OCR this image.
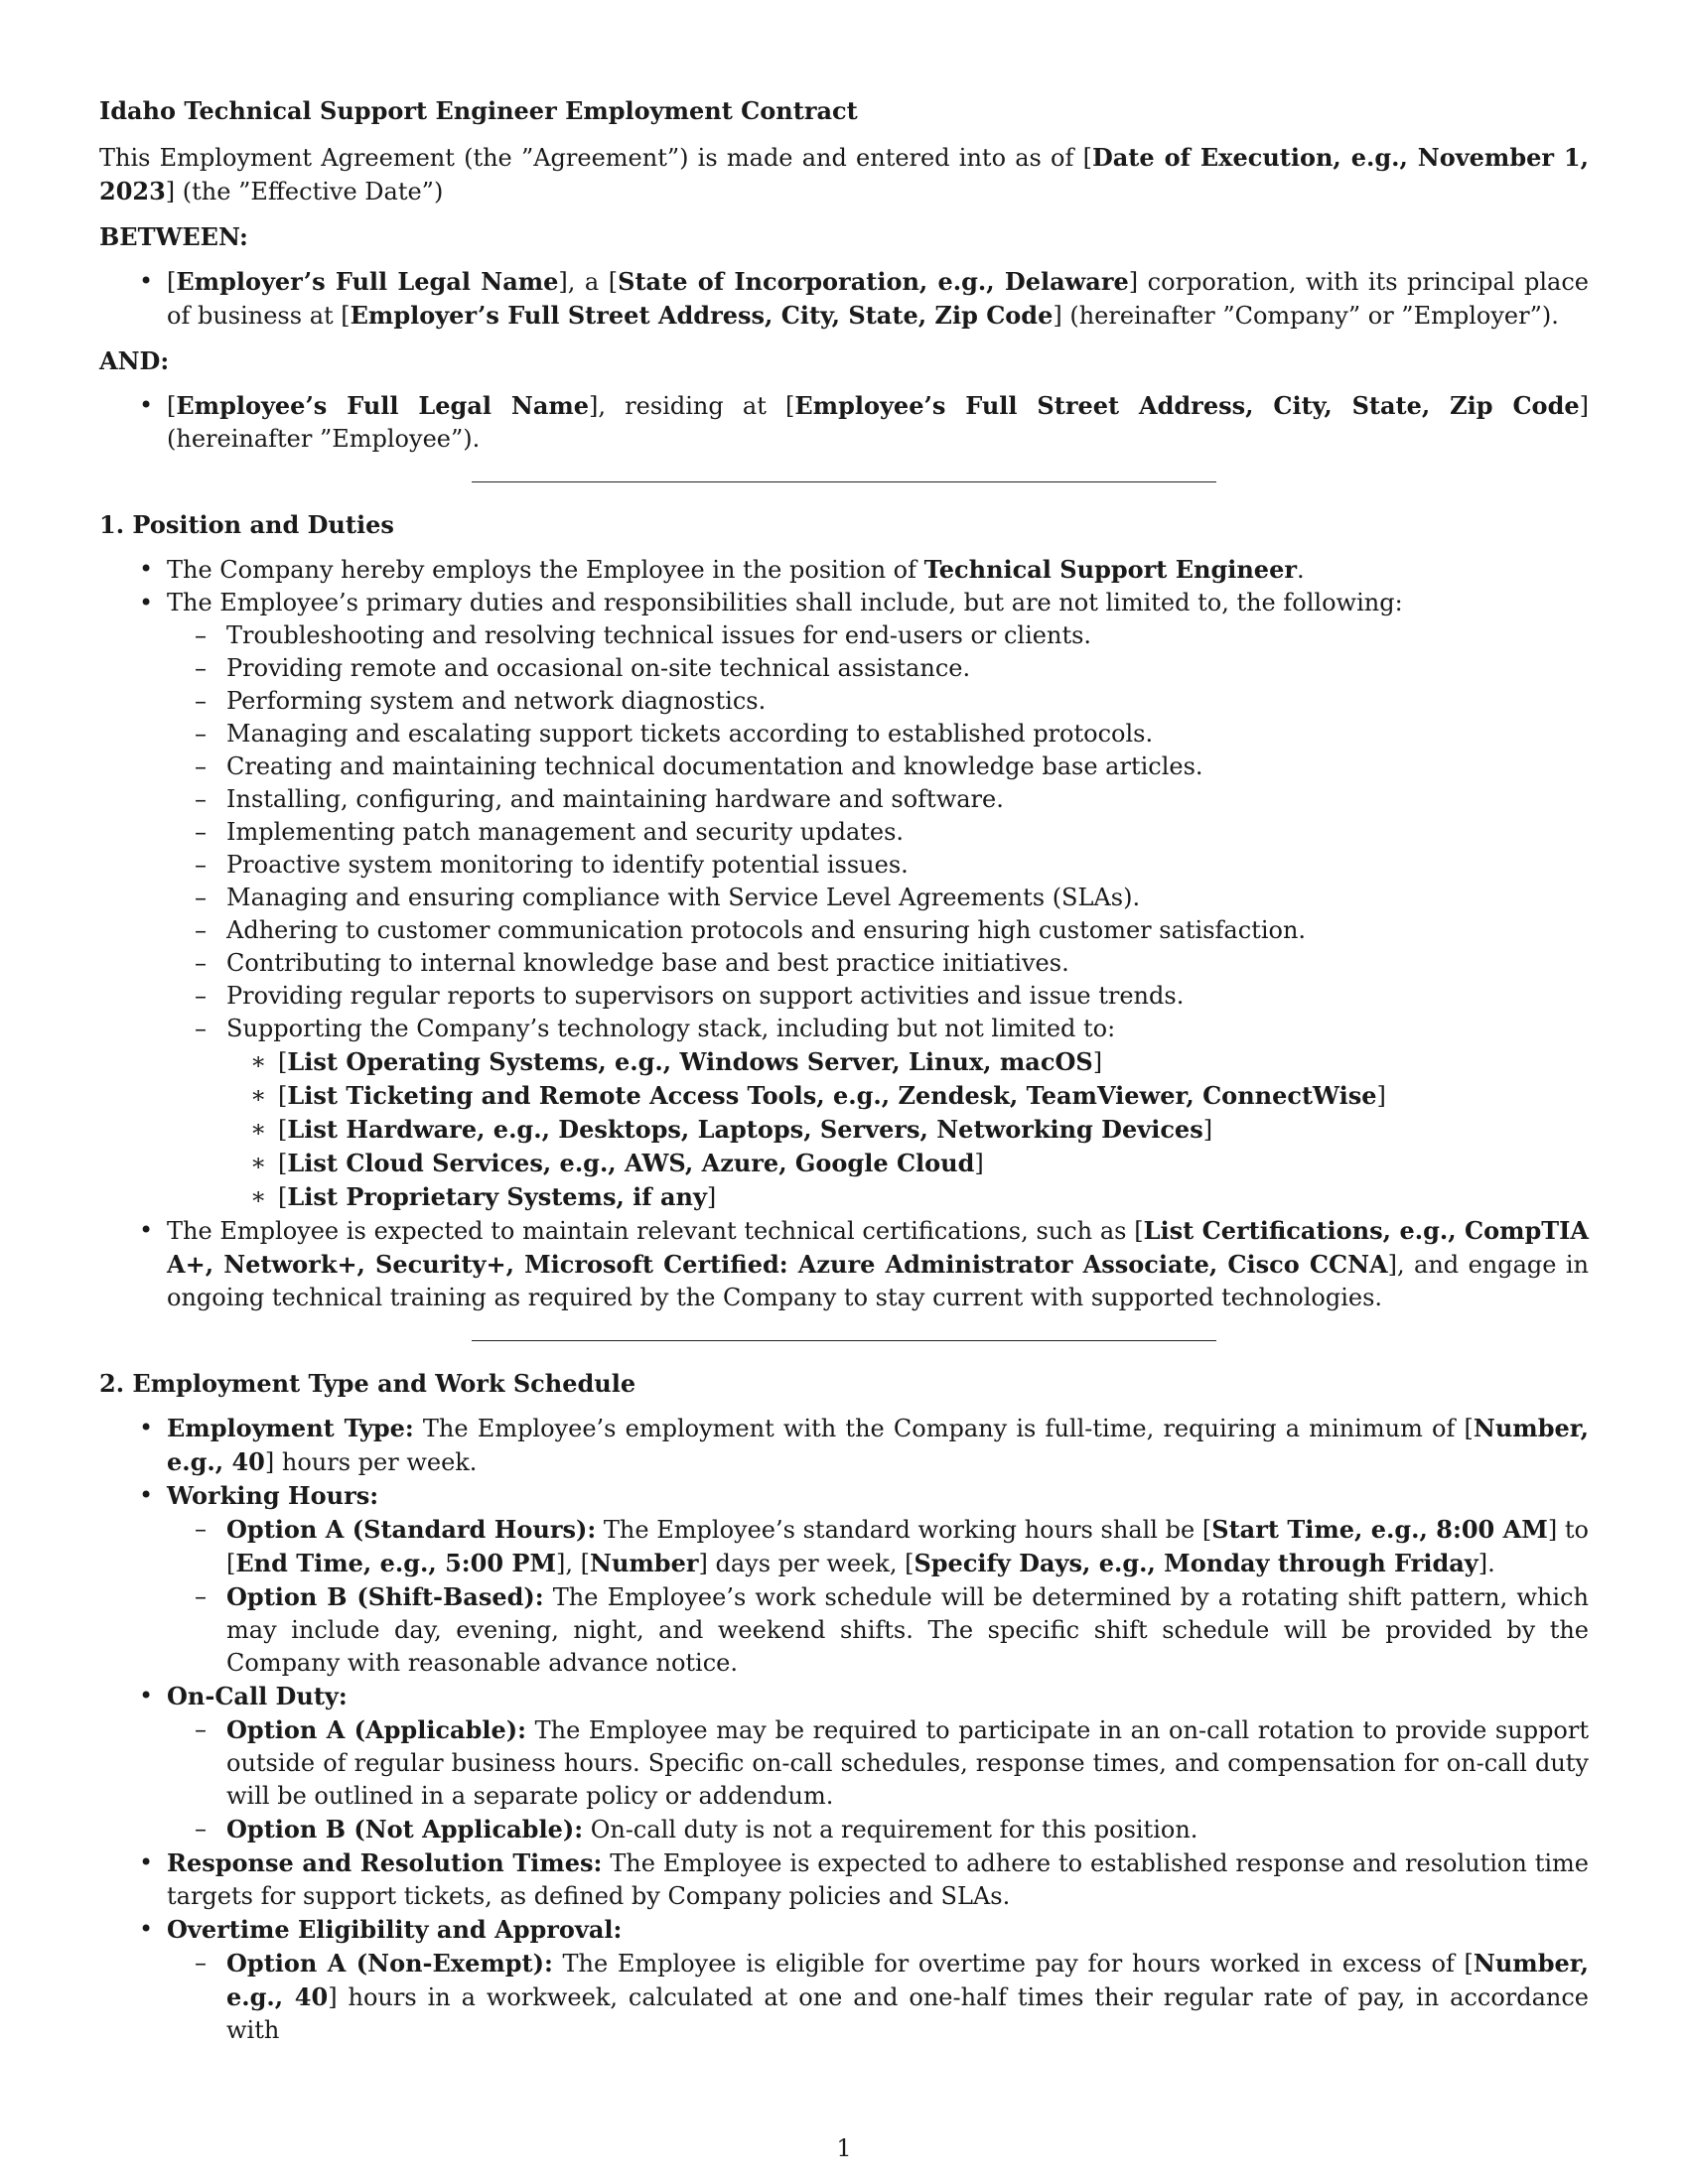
Idaho Technical Support Engineer Employment Contract

This Employment Agreement (the ”Agreement”) is made and entered into as of [Date of Execution, e.g., November 1, 2023] (the ”Effective Date”)

BETWEEN:
• [Employer’s Full Legal Name], a [State of Incorporation, e.g., Delaware] corporation, with its principal place of business at [Employer’s Full Street Address, City, State, Zip Code] (hereinafter ”Company” or ”Employer”).
AND:
• [Employee’s Full Legal Name], residing at [Employee’s Full Street Address, City, State, Zip Code] (hereinafter ”Employee”).
1. Position and Duties
• The Company hereby employs the Employee in the position of Technical Support Engineer.
• The Employee’s primary duties and responsibilities shall include, but are not limited to, the following:
– Troubleshooting and resolving technical issues for end-users or clients.
– Providing remote and occasional on-site technical assistance.
– Performing system and network diagnostics.
– Managing and escalating support tickets according to established protocols.
– Creating and maintaining technical documentation and knowledge base articles.
– Installing, configuring, and maintaining hardware and software.
– Implementing patch management and security updates.
– Proactive system monitoring to identify potential issues.
– Managing and ensuring compliance with Service Level Agreements (SLAs).
– Adhering to customer communication protocols and ensuring high customer satisfaction.
– Contributing to internal knowledge base and best practice initiatives.
– Providing regular reports to supervisors on support activities and issue trends.
– Supporting the Company’s technology stack, including but not limited to:
∗ [List Operating Systems, e.g., Windows Server, Linux, macOS]
∗ [List Ticketing and Remote Access Tools, e.g., Zendesk, TeamViewer, ConnectWise]
∗ [List Hardware, e.g., Desktops, Laptops, Servers, Networking Devices]
∗ [List Cloud Services, e.g., AWS, Azure, Google Cloud]
∗ [List Proprietary Systems, if any]
• The Employee is expected to maintain relevant technical certifications, such as [List Certifications, e.g., CompTIA A+, Network+, Security+, Microsoft Certified: Azure Administrator Associate, Cisco CCNA], and engage in ongoing technical training as required by the Company to stay current with supported technologies.
2. Employment Type and Work Schedule
• Employment Type: The Employee’s employment with the Company is full-time, requiring a minimum of [Number, e.g., 40] hours per week.
• Working Hours:
– Option A (Standard Hours): The Employee’s standard working hours shall be [Start Time, e.g., 8:00 AM] to [End Time, e.g., 5:00 PM], [Number] days per week, [Specify Days, e.g., Monday through Friday].
– Option B (Shift-Based): The Employee’s work schedule will be determined by a rotating shift pattern, which may include day, evening, night, and weekend shifts. The specific shift schedule will be provided by the Company with reasonable advance notice.
• On-Call Duty:
– Option A (Applicable): The Employee may be required to participate in an on-call rotation to provide support outside of regular business hours. Specific on-call schedules, response times, and compensation for on-call duty will be outlined in a separate policy or addendum.
– Option B (Not Applicable): On-call duty is not a requirement for this position.
• Response and Resolution Times: The Employee is expected to adhere to established response and resolution time targets for support tickets, as defined by Company policies and SLAs.
• Overtime Eligibility and Approval:
– Option A (Non-Exempt): The Employee is eligible for overtime pay for hours worked in excess of [Number, e.g., 40] hours in a workweek, calculated at one and one-half times their regular rate of pay, in accordance with
1
